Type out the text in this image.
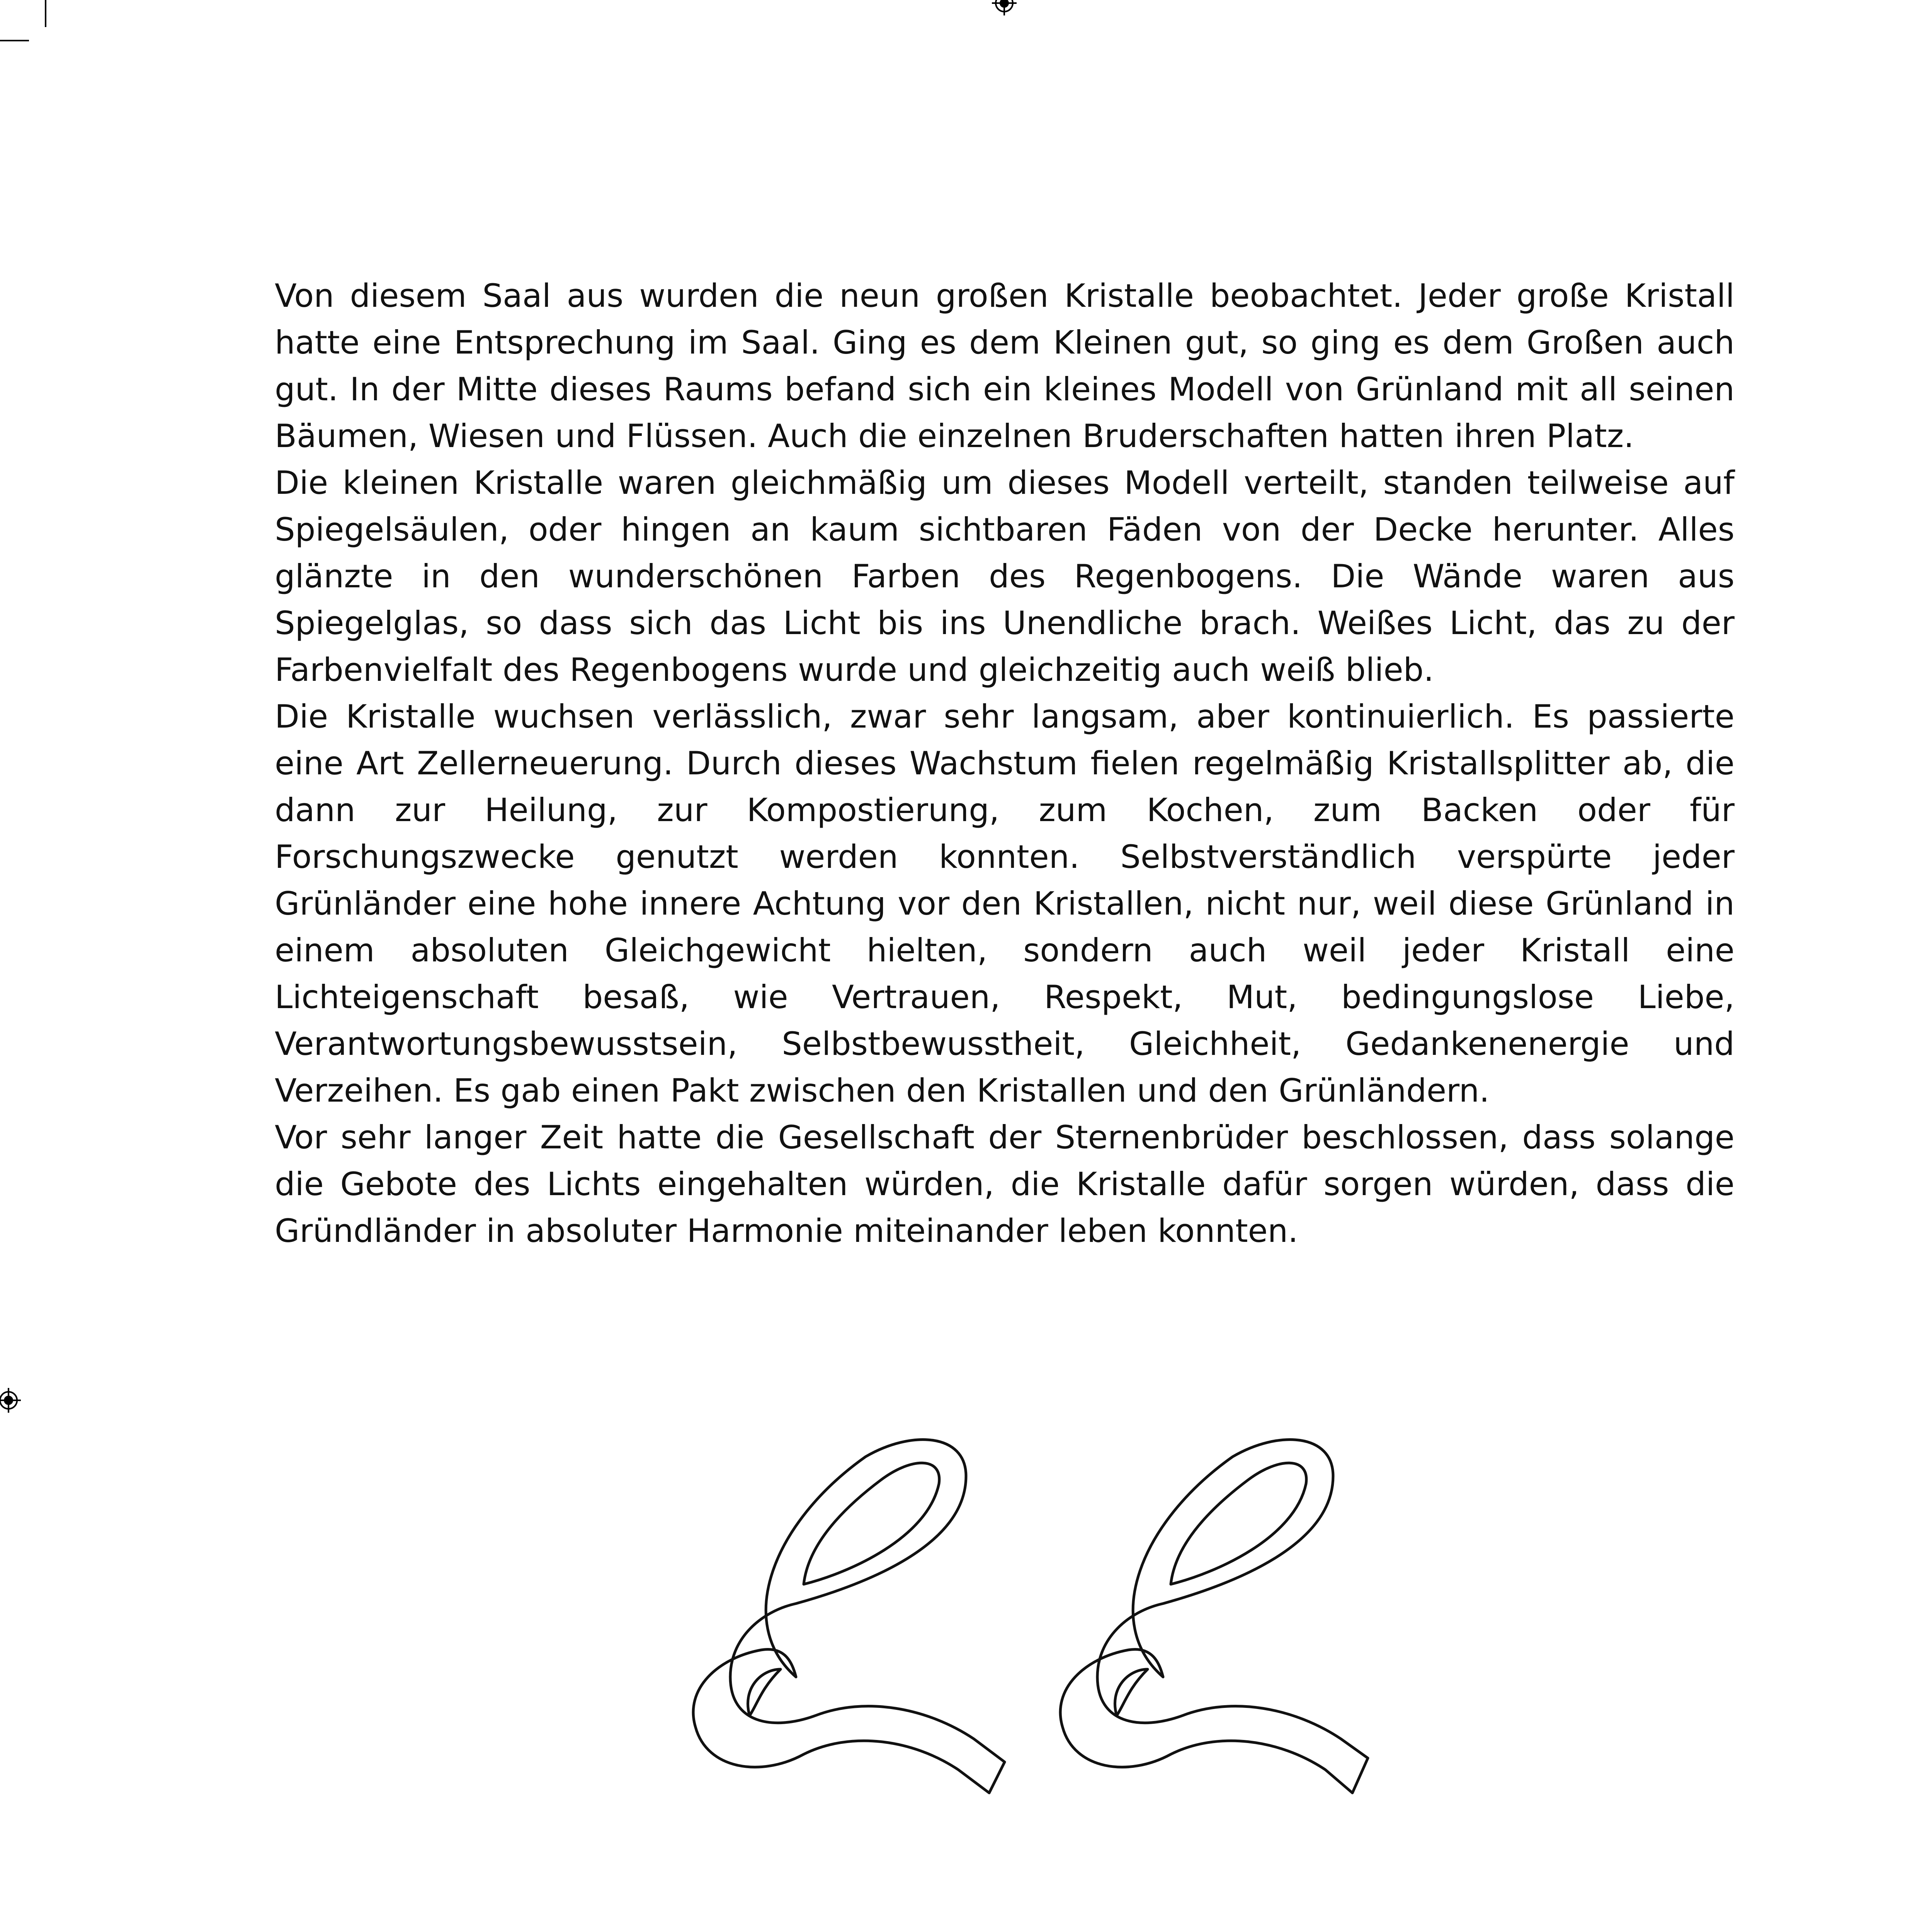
Von diesem Saal aus wurden die neun großen Kristalle beobachtet. Jeder große Kristall hatte eine Entsprechung im Saal. Ging es dem Kleinen gut, so ging es dem Großen auch gut. In der Mitte dieses Raums befand sich ein kleines Modell von Grünland mit all seinen Bäumen, Wiesen und Flüssen. Auch die einzelnen Bruderschaften hatten ihren Platz.

Die kleinen Kristalle waren gleichmäßig um dieses Modell verteilt, standen teilweise auf Spiegelsäulen, oder hingen an kaum sichtbaren Fäden von der Decke herunter. Alles glänzte in den wunderschönen Farben des Regenbogens. Die Wände waren aus Spiegelglas, so dass sich das Licht bis ins Unendliche brach. Weißes Licht, das zu der Farbenvielfalt des Regenbogens wurde und gleichzeitig auch weiß blieb.

Die Kristalle wuchsen verlässlich, zwar sehr langsam, aber kontinuierlich. Es passierte eine Art Zellerneuerung. Durch dieses Wachstum fielen regelmäßig Kristallsplitter ab, die dann zur Heilung, zur Kompostierung, zum Kochen, zum Backen oder für Forschungszwecke genutzt werden konnten. Selbstverständlich verspürte jeder Grünländer eine hohe innere Achtung vor den Kristallen, nicht nur, weil diese Grünland in einem absoluten Gleichgewicht hielten, sondern auch weil jeder Kristall eine Lichteigenschaft besaß, wie Vertrauen, Respekt, Mut, bedingungslose Liebe, Verantwortungsbewusstsein, Selbstbewusstheit, Gleichheit, Gedankenenergie und Verzeihen. Es gab einen Pakt zwischen den Kristallen und den Grünländern.

Vor sehr langer Zeit hatte die Gesellschaft der Sternenbrüder beschlossen, dass solange die Gebote des Lichts eingehalten würden, die Kristalle dafür sorgen würden, dass die Gründländer in absoluter Harmonie miteinander leben konnten.
